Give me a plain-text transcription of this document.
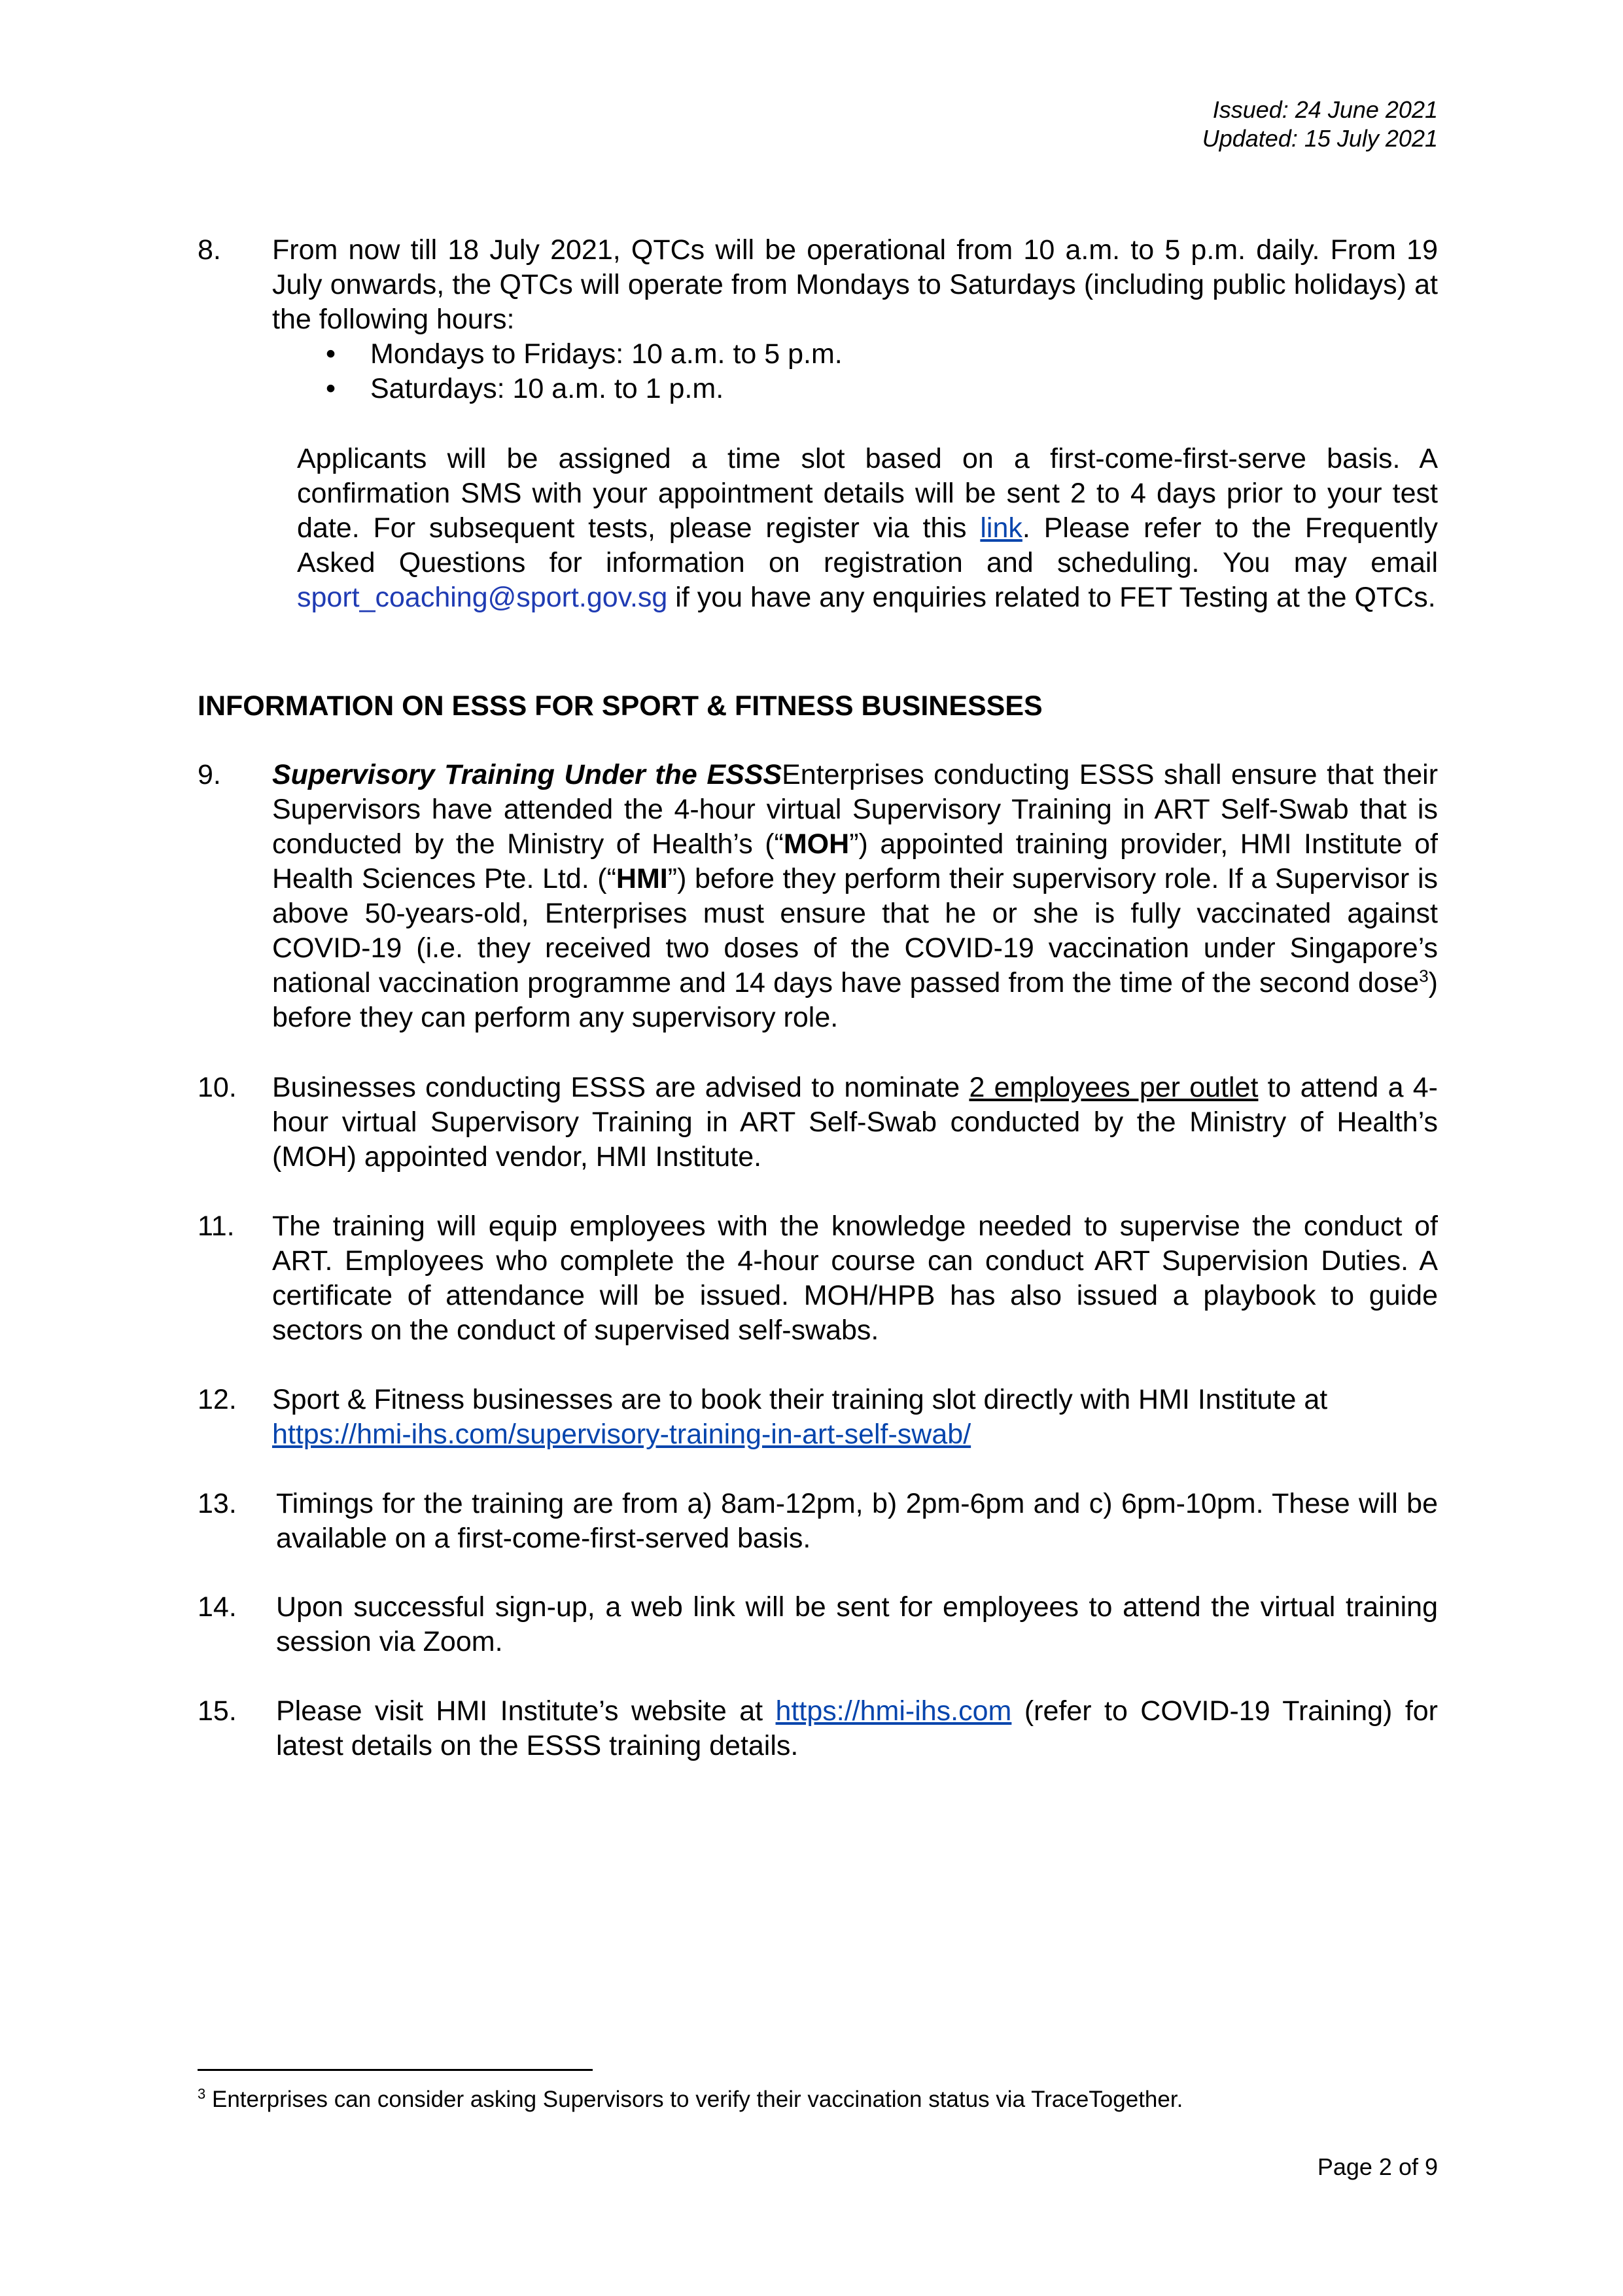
Issued: 24 June 2021
Updated: 15 July 2021
8. From now till 18 July 2021, QTCs will be operational from 10 a.m. to 5 p.m. daily. From 19 July onwards, the QTCs will operate from Mondays to Saturdays (including public holidays) at the following hours:
• Mondays to Fridays: 10 a.m. to 5 p.m.
• Saturdays: 10 a.m. to 1 p.m.
Applicants will be assigned a time slot based on a first-come-first-serve basis. A confirmation SMS with your appointment details will be sent 2 to 4 days prior to your test date. For subsequent tests, please register via this link. Please refer to the Frequently Asked Questions for information on registration and scheduling. You may email sport_coaching@sport.gov.sg if you have any enquiries related to FET Testing at the QTCs.
INFORMATION ON ESSS FOR SPORT & FITNESS BUSINESSES
9. Supervisory Training Under the ESSSEnterprises conducting ESSS shall ensure that their Supervisors have attended the 4-hour virtual Supervisory Training in ART Self-Swab that is conducted by the Ministry of Health’s (“MOH”) appointed training provider, HMI Institute of Health Sciences Pte. Ltd. (“HMI”) before they perform their supervisory role. If a Supervisor is above 50-years-old, Enterprises must ensure that he or she is fully vaccinated against COVID-19 (i.e. they received two doses of the COVID-19 vaccination under Singapore’s national vaccination programme and 14 days have passed from the time of the second dose$^3$) before they can perform any supervisory role.
10. Businesses conducting ESSS are advised to nominate 2 employees per outlet to attend a 4-hour virtual Supervisory Training in ART Self-Swab conducted by the Ministry of Health’s (MOH) appointed vendor, HMI Institute.
11. The training will equip employees with the knowledge needed to supervise the conduct of ART. Employees who complete the 4-hour course can conduct ART Supervision Duties. A certificate of attendance will be issued. MOH/HPB has also issued a playbook to guide sectors on the conduct of supervised self-swabs.
12. Sport & Fitness businesses are to book their training slot directly with HMI Institute at
https://hmi-ihs.com/supervisory-training-in-art-self-swab/
13. Timings for the training are from a) 8am-12pm, b) 2pm-6pm and c) 6pm-10pm. These will be available on a first-come-first-served basis.
14. Upon successful sign-up, a web link will be sent for employees to attend the virtual training session via Zoom.
15. Please visit HMI Institute’s website at https://hmi-ihs.com (refer to COVID-19 Training) for latest details on the ESSS training details.
$^3$ Enterprises can consider asking Supervisors to verify their vaccination status via TraceTogether.
Page 2 of 9
